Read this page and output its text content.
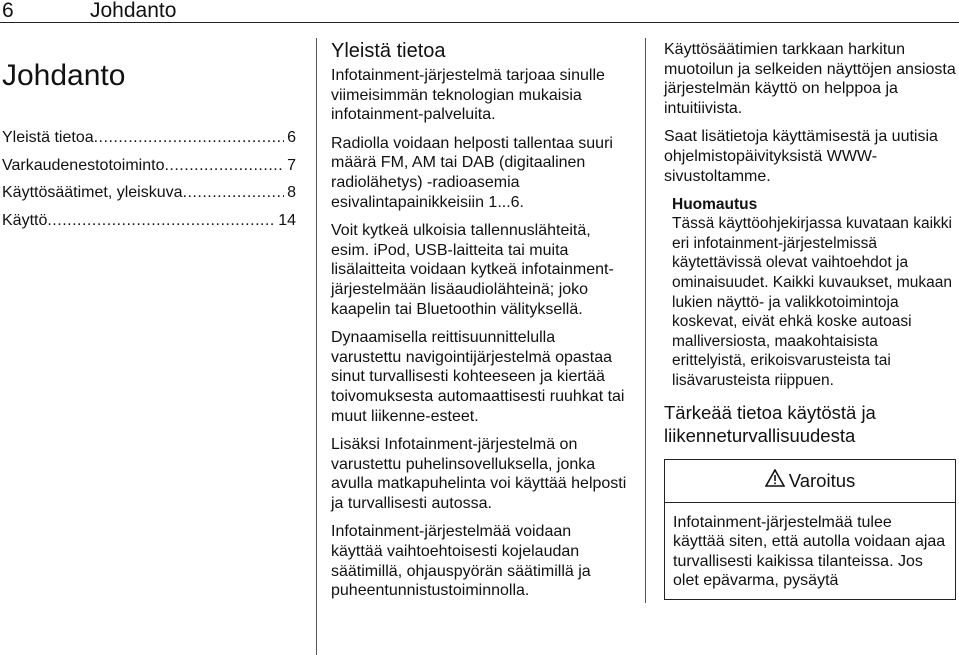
6	Johdanto
Johdanto
Yleistä tietoa .....	6
Varkaudenestotoiminto .....	7
Käyttösäätimet, yleiskuva .....	8
Käyttö .....	14
Yleistä tietoa

Infotainment-järjestelmä tarjoaa sinulle viimeisimmän teknologian mukaisia infotainment-palveluita.

Radiolla voidaan helposti tallentaa suuri määrä FM, AM tai DAB (digitaalinen radiolähetys) -radioasemia esivalintapainikkeisiin 1...6.

Voit kytkeä ulkoisia tallennuslähteitä, esim. iPod, USB-laitteita tai muita lisälaitteita voidaan kytkeä infotainment-järjestelmään lisäaudiolähteinä; joko kaapelin tai Bluetoothin välityksellä.

Dynaamisella reittisuunnittelulla varustettu navigointijärjestelmä opastaa sinut turvallisesti kohteeseen ja kiertää toivomuksesta automaattisesti ruuhkat tai muut liikenne-esteet.

Lisäksi Infotainment-järjestelmä on varustettu puhelinsovelluksella, jonka avulla matkapuhelinta voi käyttää helposti ja turvallisesti autossa.

Infotainment-järjestelmää voidaan käyttää vaihtoehtoisesti kojelaudan säätimillä, ohjauspyörän säätimillä ja puheentunnistustoiminnolla.

Käyttösäätimien tarkkaan harkitun muotoilun ja selkeiden näyttöjen ansiosta järjestelmän käyttö on helppoa ja intuitiivista.

Saat lisätietoja käyttämisestä ja uutisia ohjelmistopäivityksistä WWW-sivustoltamme.

Huomautus
Tässä käyttöohjekirjassa kuvataan kaikki eri infotainment-järjestelmissä käytettävissä olevat vaihtoehdot ja ominaisuudet. Kaikki kuvaukset, mukaan lukien näyttö- ja valikkotoimintoja koskevat, eivät ehkä koske autoasi malliversiosta, maakohtaisista erittelyistä, erikoisvarusteista tai lisävarusteista riippuen.
Tärkeää tietoa käytöstä ja liikenneturvallisuudesta
Varoitus
Infotainment-järjestelmää tulee käyttää siten, että autolla voidaan ajaa turvallisesti kaikissa tilanteissa. Jos olet epävarma, pysäytä
